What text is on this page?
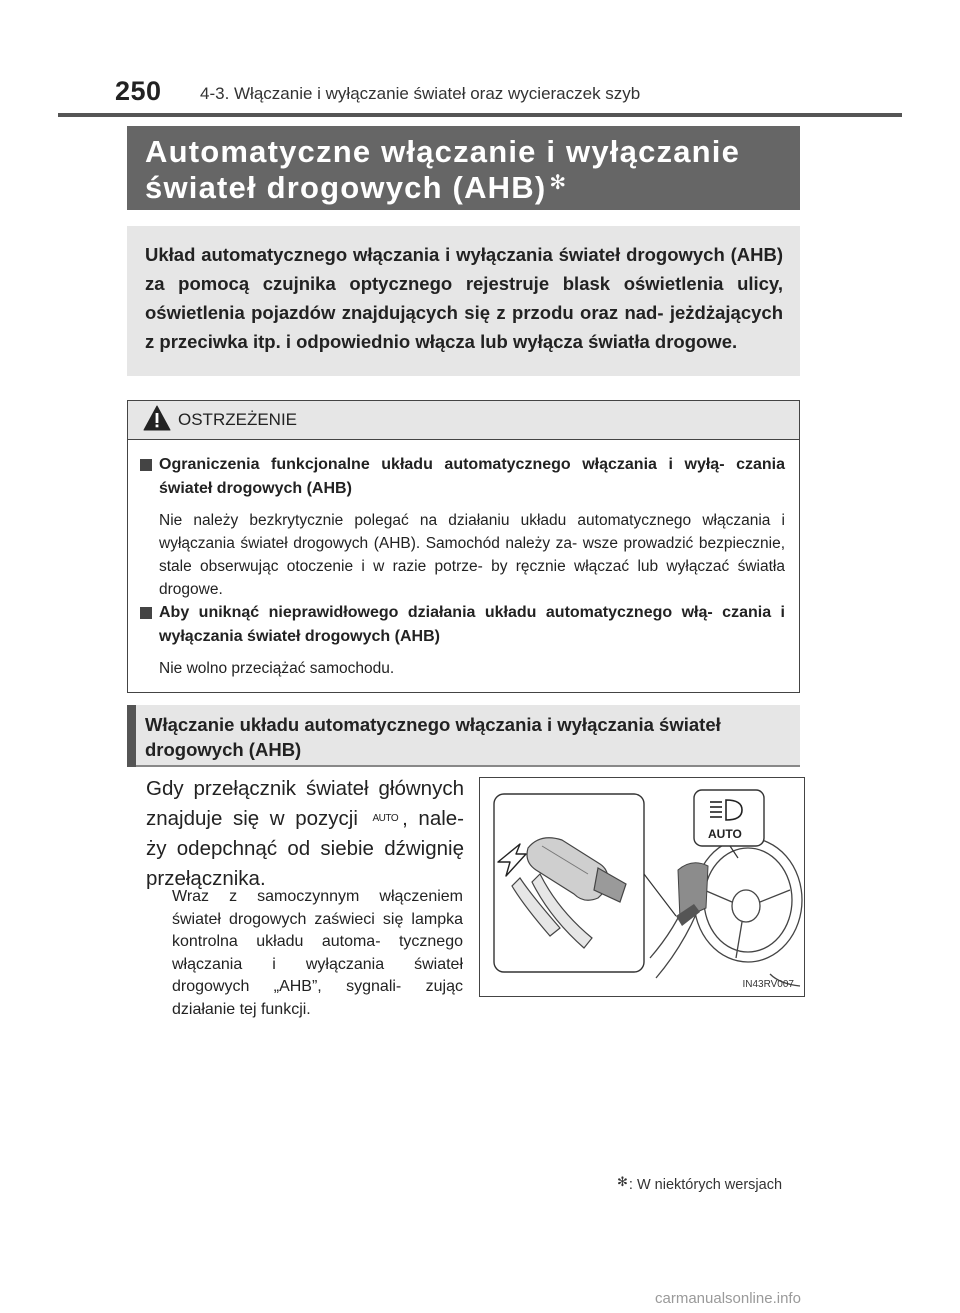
250 4-3. Włączanie i wyłączanie świateł oraz wycieraczek szyb
Automatyczne włączanie i wyłączanie
świateł drogowych (AHB) ✻
Układ automatycznego włączania i wyłączania świateł drogowych (AHB) za pomocą czujnika optycznego rejestruje blask oświetlenia ulicy, oświetlenia pojazdów znajdujących się z przodu oraz nad- jeżdżających z przeciwka itp. i odpowiednio włącza lub wyłącza światła drogowe.
OSTRZEŻENIE
Ograniczenia funkcjonalne układu automatycznego włączania i wyłą- czania świateł drogowych (AHB)
Nie należy bezkrytycznie polegać na działaniu układu automatycznego włączania i wyłączania świateł drogowych (AHB). Samochód należy za- wsze prowadzić bezpiecznie, stale obserwując otoczenie i w razie potrze- by ręcznie włączać lub wyłączać światła drogowe.
Aby uniknąć nieprawidłowego działania układu automatycznego włą- czania i wyłączania świateł drogowych (AHB)
Nie wolno przeciążać samochodu.
Włączanie układu automatycznego włączania i wyłączania świateł drogowych (AHB)
Gdy przełącznik świateł głównych znajduje się w pozycji AUTO , nale- ży odepchnąć od siebie dźwignię przełącznika.
Wraz z samoczynnym włączeniem świateł drogowych zaświeci się lampka kontrolna układu automa- tycznego włączania i wyłączania świateł drogowych „AHB”, sygnali- zując działanie tej funkcji.
AUTO
IN43RV007
✻: W niektórych wersjach
carmanualsonline.info
